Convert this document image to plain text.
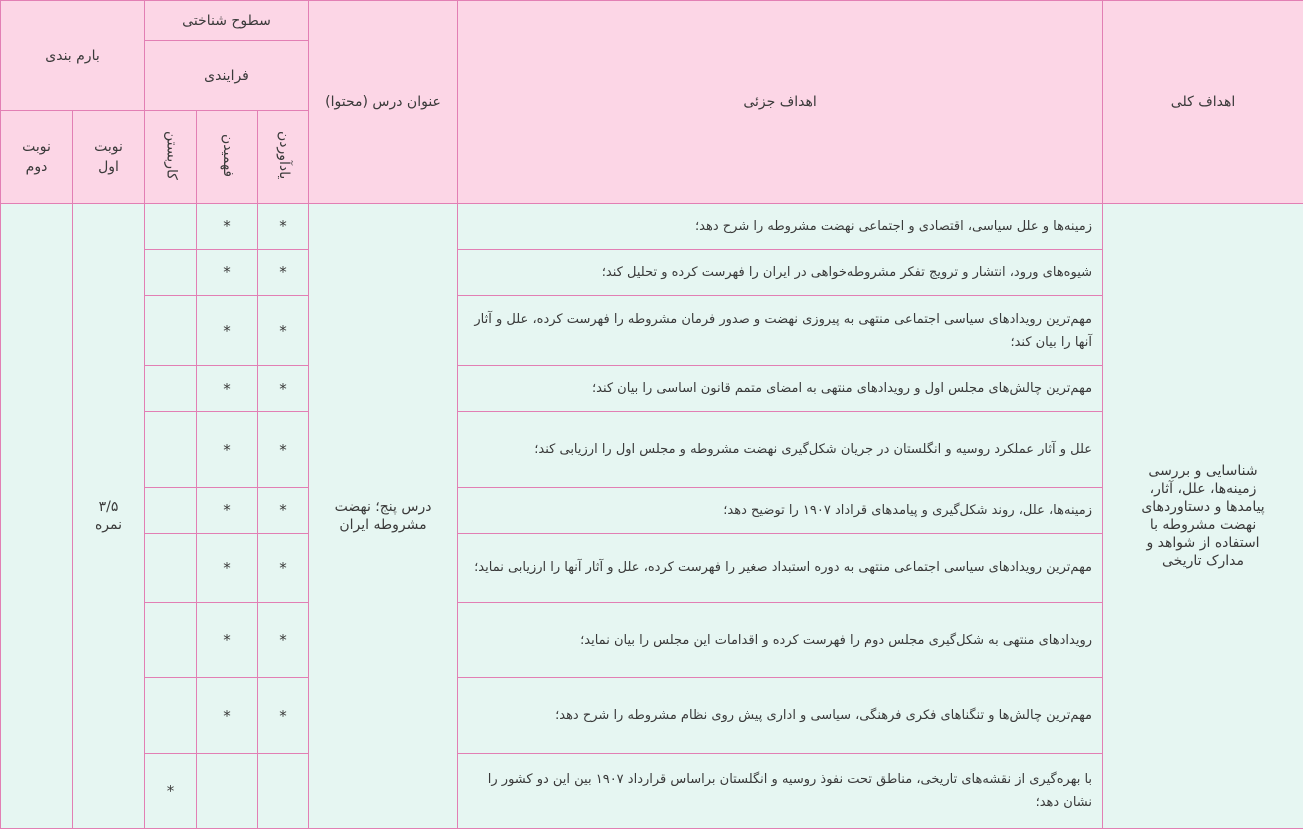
اهداف کلی	اهداف جزئی	عنوان درس (محتوا)	سطوح شناختی			بارم بندی	
			فرایندی				
			یادآوردن	فهمیدن	کاربستن	نوبت اول	نوبت دوم

شناسایی و بررسی زمینه‌ها، علل، آثار، پیامدها و دستاوردهای نهضت مشروطه با استفاده از شواهد و مدارک تاریخی	زمینه‌ها و علل سیاسی، اقتصادی و اجتماعی نهضت مشروطه را شرح دهد؛	درس پنج؛ نهضت مشروطه ایران	*	*		۳/۵ نمره	
	شیوه‌های ورود، انتشار و ترویج تفکر مشروطه‌خواهی در ایران را فهرست کرده و تحلیل کند؛		*	*			
	مهم‌ترین رویدادهای سیاسی اجتماعی منتهی به پیروزی نهضت و صدور فرمان مشروطه را فهرست کرده، علل و آثار آنها را بیان کند؛		*	*			
	مهم‌ترین چالش‌های مجلس اول و رویدادهای منتهی به امضای متمم قانون اساسی را بیان کند؛		*	*			
	علل و آثار عملکرد روسیه و انگلستان در جریان شکل‌گیری نهضت مشروطه و مجلس اول را ارزیابی کند؛		*	*			
	زمینه‌ها، علل، روند شکل‌گیری و پیامدهای قراداد ۱۹۰۷ را توضیح دهد؛		*	*			
	مهم‌ترین رویدادهای سیاسی اجتماعی منتهی به دوره استبداد صغیر را فهرست کرده، علل و آثار آنها را ارزیابی نماید؛		*	*			
	رویدادهای منتهی به شکل‌گیری مجلس دوم را فهرست کرده و اقدامات این مجلس را بیان نماید؛		*	*			
	مهم‌ترین چالش‌ها و تنگناهای فکری فرهنگی، سیاسی و اداری پیش روی نظام مشروطه را شرح دهد؛		*	*			
	با بهره‌گیری از نقشه‌های تاریخی، مناطق تحت نفوذ روسیه و انگلستان براساس قرارداد ۱۹۰۷ بین این دو کشور را نشان دهد؛				*		
